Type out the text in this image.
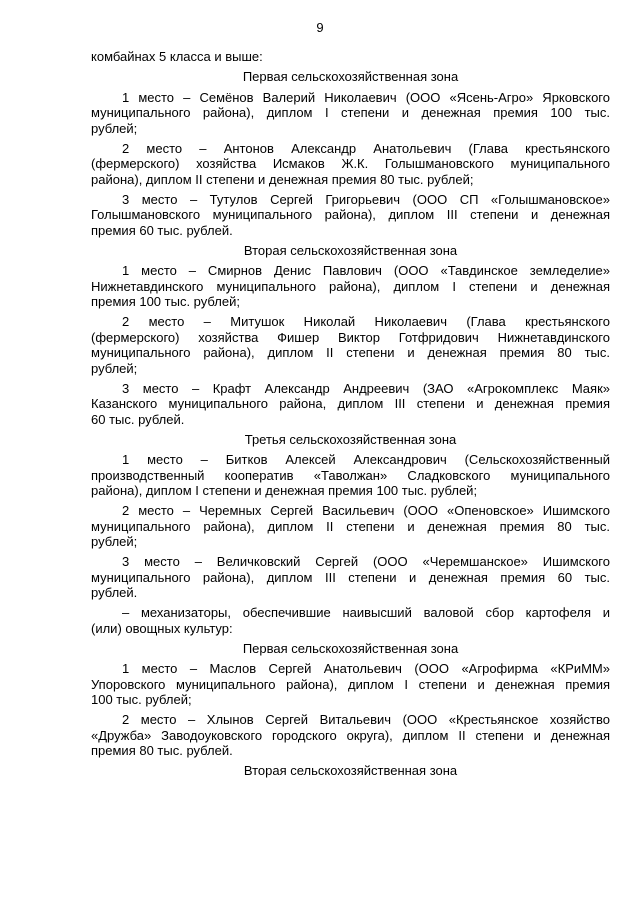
9
комбайнах 5 класса и выше:
Первая сельскохозяйственная зона
1 место – Семёнов Валерий Николаевич (ООО «Ясень-Агро» Ярковского
муниципального района), диплом I степени и денежная премия 100 тыс.
рублей;
2 место – Антонов Александр Анатольевич (Глава крестьянского
(фермерского) хозяйства Исмаков Ж.К. Голышмановского муниципального
района), диплом II степени и денежная премия 80 тыс. рублей;
3 место – Тутулов Сергей Григорьевич (ООО СП «Голышмановское»
Голышмановского муниципального района), диплом III степени и денежная
премия 60 тыс. рублей.
Вторая сельскохозяйственная зона
1 место – Смирнов Денис Павлович (ООО «Тавдинское земледелие»
Нижнетавдинского муниципального района), диплом I степени и денежная
премия 100 тыс. рублей;
2 место – Митушок Николай Николаевич (Глава крестьянского
(фермерского) хозяйства Фишер Виктор Готфридович Нижнетавдинского
муниципального района), диплом II степени и денежная премия 80 тыс.
рублей;
3 место – Крафт Александр Андреевич (ЗАО «Агрокомплекс Маяк»
Казанского муниципального района, диплом III степени и денежная премия
60 тыс. рублей.
Третья сельскохозяйственная зона
1 место – Битков Алексей Александрович (Сельскохозяйственный
производственный кооператив «Таволжан» Сладковского муниципального
района), диплом I степени и денежная премия 100 тыс. рублей;
2 место – Черемных Сергей Васильевич (ООО «Опеновское» Ишимского
муниципального района), диплом II степени и денежная премия 80 тыс.
рублей;
3 место – Величковский Сергей (ООО «Черемшанское» Ишимского
муниципального района), диплом III степени и денежная премия 60 тыс.
рублей.
– механизаторы, обеспечившие наивысший валовой сбор картофеля и
(или) овощных культур:
Первая сельскохозяйственная зона
1 место – Маслов Сергей Анатольевич (ООО «Агрофирма «КРиММ»
Упоровского муниципального района), диплом I степени и денежная премия
100 тыс. рублей;
2 место – Хлынов Сергей Витальевич (ООО «Крестьянское хозяйство
«Дружба» Заводоуковского городского округа), диплом II степени и денежная
премия 80 тыс. рублей.
Вторая сельскохозяйственная зона
